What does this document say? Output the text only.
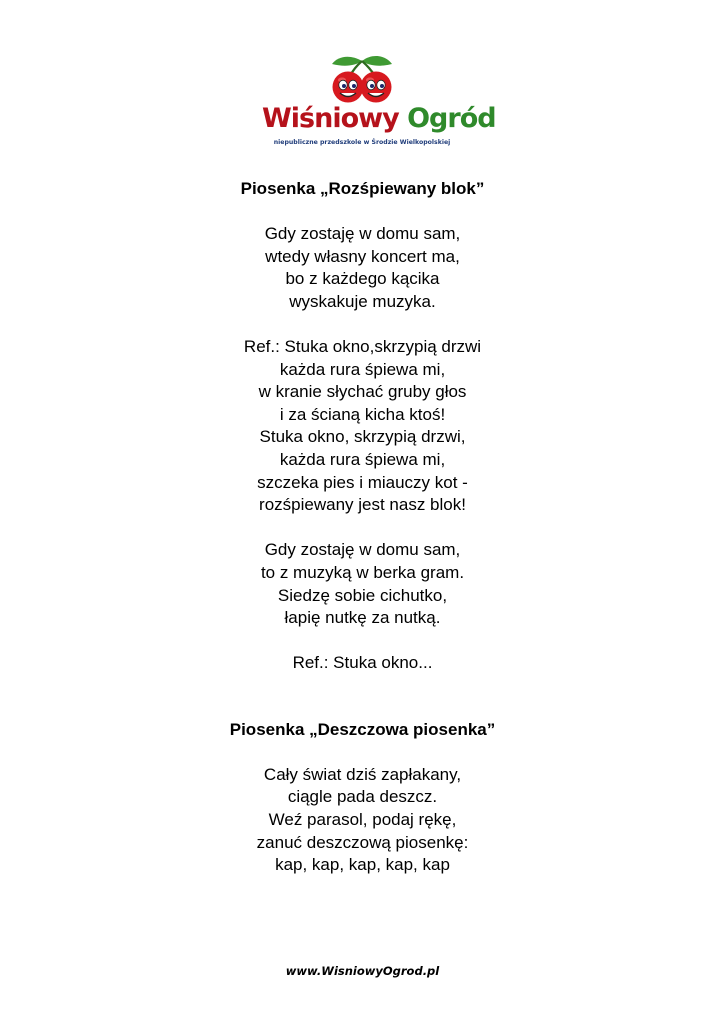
Wiśniowy Ogród
niepubliczne przedszkole w Środzie Wielkopolskiej
Piosenka „Rozśpiewany blok”

Gdy zostaję w domu sam,
wtedy własny koncert ma,
bo z każdego kącika
wyskakuje muzyka.

Ref.: Stuka okno,skrzypią drzwi
każda rura śpiewa mi,
w kranie słychać gruby głos
i za ścianą kicha ktoś!
Stuka okno, skrzypią drzwi,
każda rura śpiewa mi,
szczeka pies i miauczy kot -
rozśpiewany jest nasz blok!

Gdy zostaję w domu sam,
to z muzyką w berka gram.
Siedzę sobie cichutko,
łapię nutkę za nutką.

Ref.: Stuka okno...

Piosenka „Deszczowa piosenka”

Cały świat dziś zapłakany,
ciągle pada deszcz.
Weź parasol, podaj rękę,
zanuć deszczową piosenkę:
kap, kap, kap, kap, kap

www.WisniowyOgrod.pl
